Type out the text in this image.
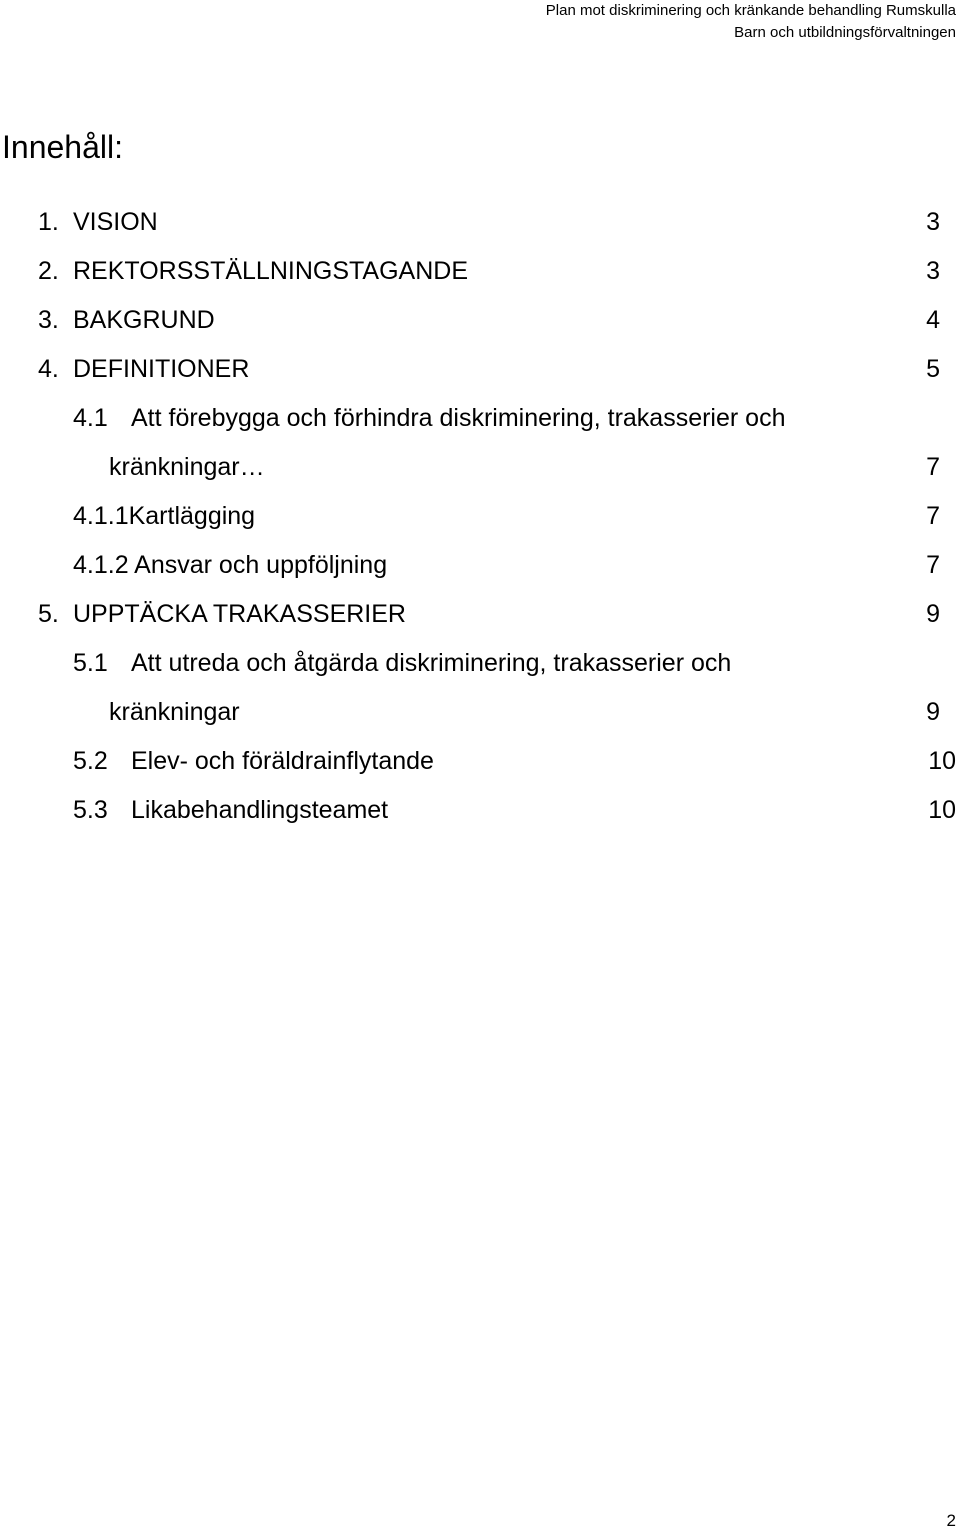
Plan mot diskriminering och kränkande behandling Rumskulla
Barn och utbildningsförvaltningen
Innehåll:
1. VISION	3
2. REKTORSSTÄLLNINGSTAGANDE	3
3. BAKGRUND	4
4. DEFINITIONER	5
4.1 Att förebygga och förhindra diskriminering, trakasserier och
kränkningar…	7
4.1.1Kartlägging	7
4.1.2 Ansvar och uppföljning	7
5. UPPTÄCKA TRAKASSERIER	9
5.1 Att utreda och åtgärda diskriminering, trakasserier och
kränkningar	9
5.2 Elev- och föräldrainflytande	10
5.3 Likabehandlingsteamet	10
2
